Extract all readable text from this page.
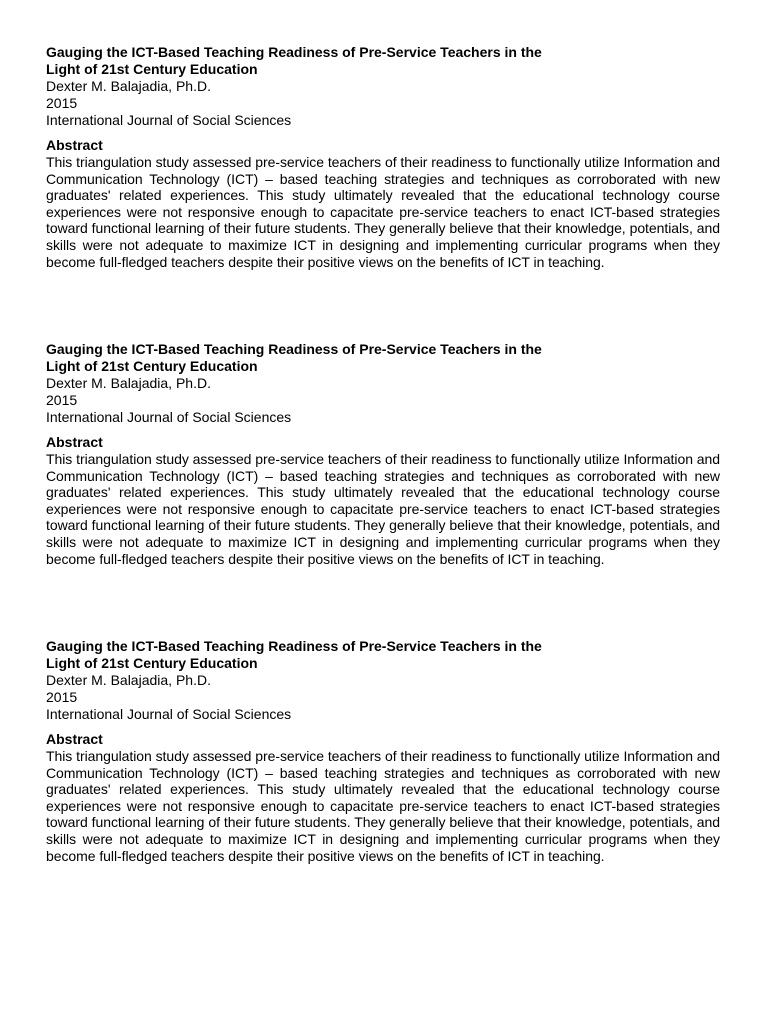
Gauging the ICT-Based Teaching Readiness of Pre-Service Teachers in the
Light of 21st Century Education

Dexter M. Balajadia, Ph.D.

2015

International Journal of Social Sciences

Abstract

This triangulation study assessed pre-service teachers of their readiness to functionally utilize Information and Communication Technology (ICT) – based teaching strategies and techniques as corroborated with new graduates' related experiences. This study ultimately revealed that the educational technology course experiences were not responsive enough to capacitate pre-service teachers to enact ICT-based strategies toward functional learning of their future students. They generally believe that their knowledge, potentials, and skills were not adequate to maximize ICT in designing and implementing curricular programs when they become full-fledged teachers despite their positive views on the benefits of ICT in teaching.

Gauging the ICT-Based Teaching Readiness of Pre-Service Teachers in the
Light of 21st Century Education

Dexter M. Balajadia, Ph.D.

2015

International Journal of Social Sciences

Abstract

This triangulation study assessed pre-service teachers of their readiness to functionally utilize Information and Communication Technology (ICT) – based teaching strategies and techniques as corroborated with new graduates' related experiences. This study ultimately revealed that the educational technology course experiences were not responsive enough to capacitate pre-service teachers to enact ICT-based strategies toward functional learning of their future students. They generally believe that their knowledge, potentials, and skills were not adequate to maximize ICT in designing and implementing curricular programs when they become full-fledged teachers despite their positive views on the benefits of ICT in teaching.

Gauging the ICT-Based Teaching Readiness of Pre-Service Teachers in the
Light of 21st Century Education

Dexter M. Balajadia, Ph.D.

2015

International Journal of Social Sciences

Abstract

This triangulation study assessed pre-service teachers of their readiness to functionally utilize Information and Communication Technology (ICT) – based teaching strategies and techniques as corroborated with new graduates' related experiences. This study ultimately revealed that the educational technology course experiences were not responsive enough to capacitate pre-service teachers to enact ICT-based strategies toward functional learning of their future students. They generally believe that their knowledge, potentials, and skills were not adequate to maximize ICT in designing and implementing curricular programs when they become full-fledged teachers despite their positive views on the benefits of ICT in teaching.
